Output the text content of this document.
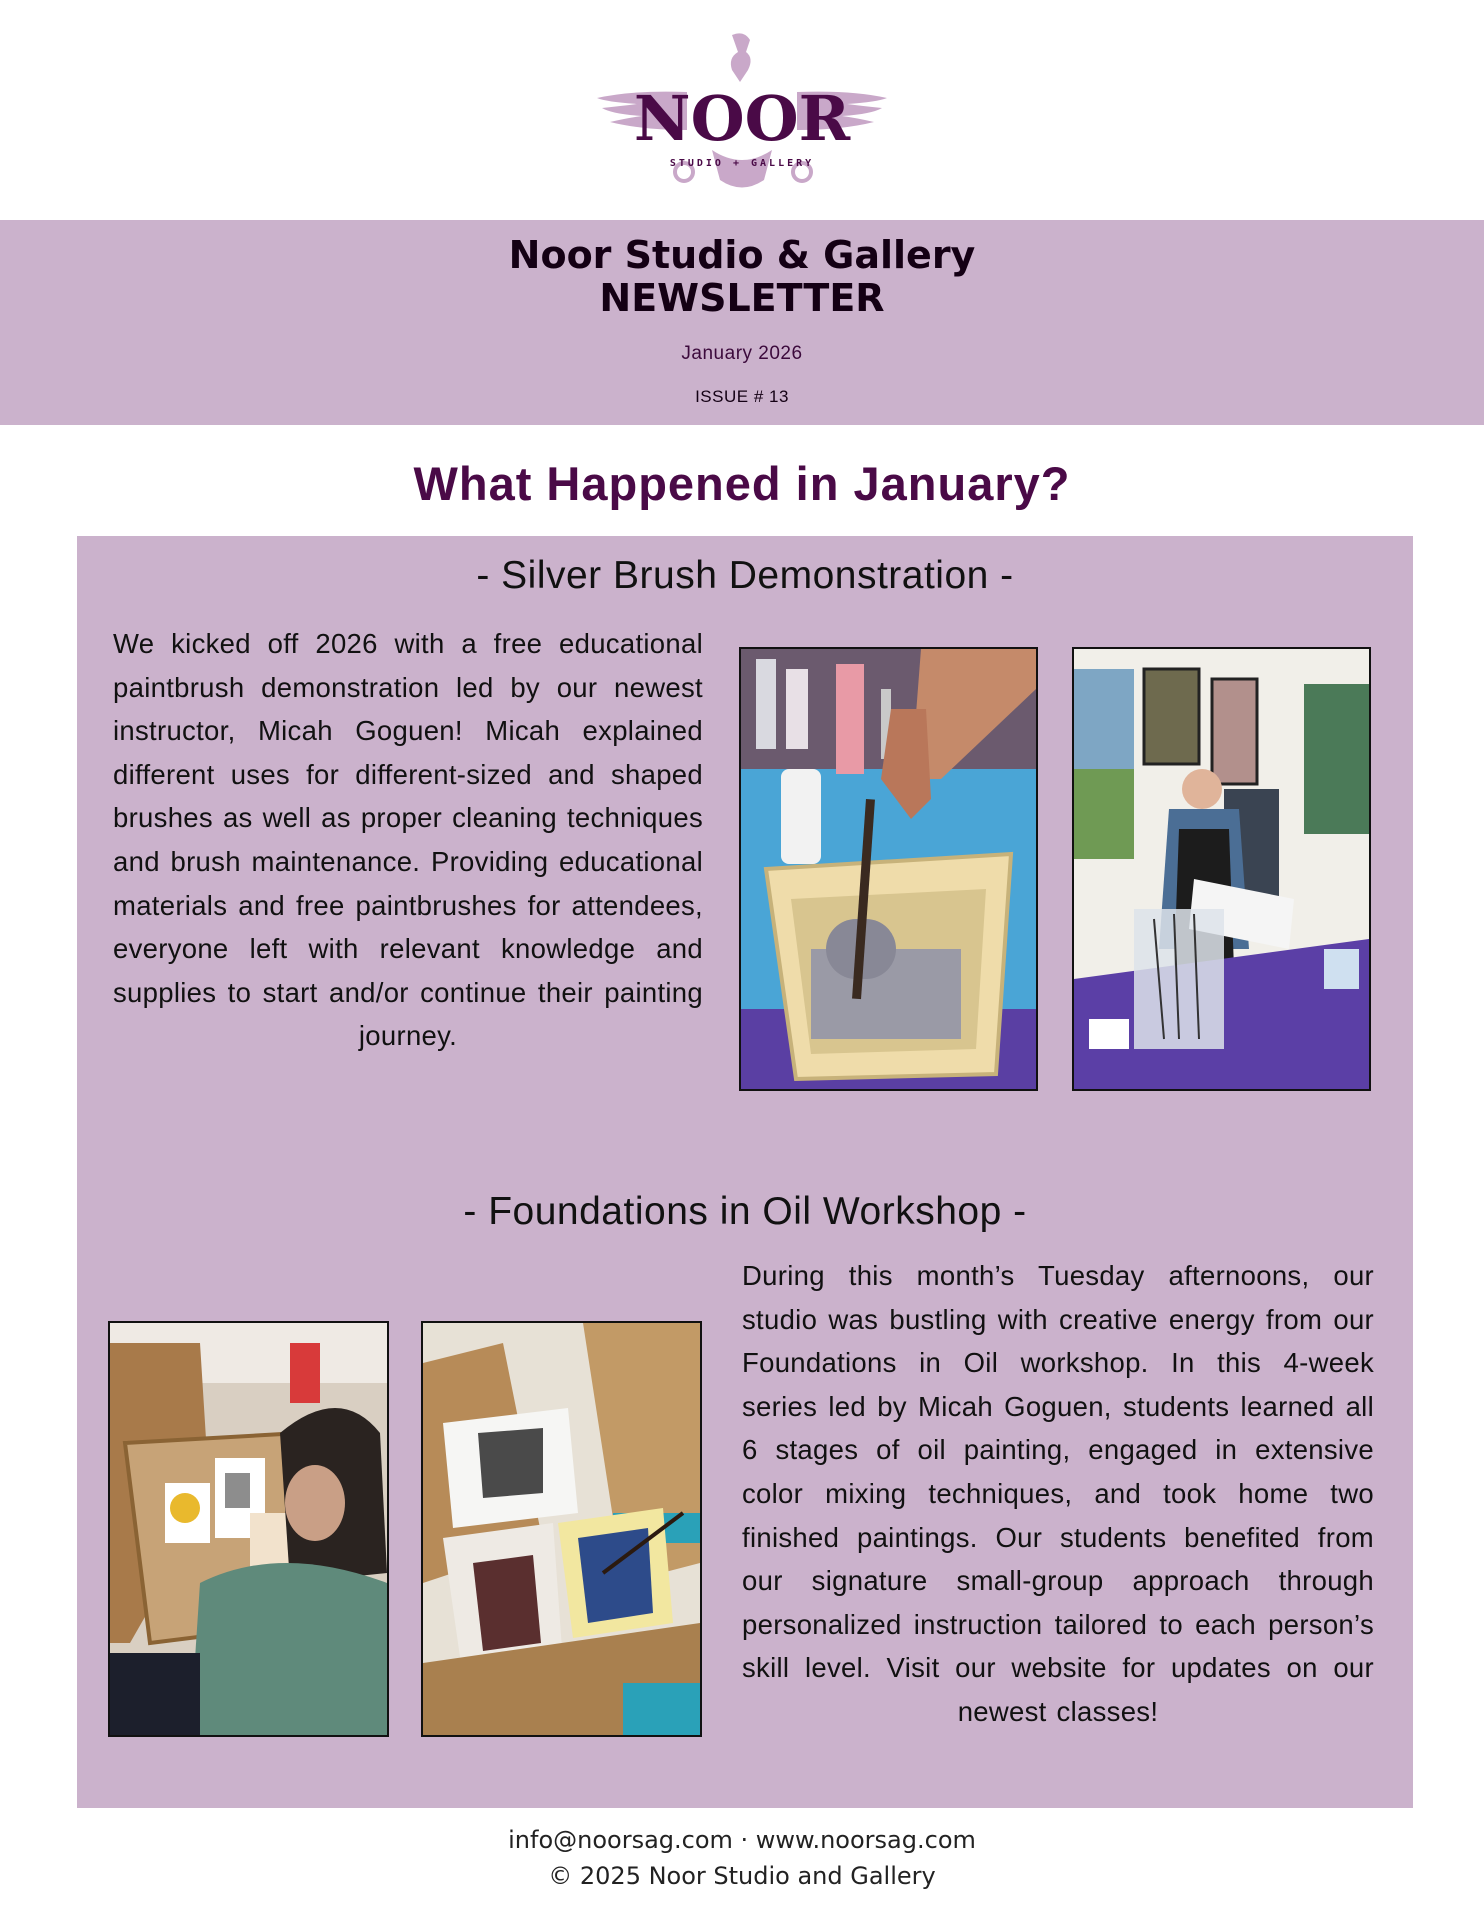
NOOR
STUDIO + GALLERY
Noor Studio & Gallery
NEWSLETTER
January 2026
ISSUE # 13
What Happened in January?
- Silver Brush Demonstration -
We kicked off 2026 with a free educational paintbrush demonstration led by our newest instructor, Micah Goguen! Micah explained different uses for different-sized and shaped brushes as well as proper cleaning techniques and brush maintenance. Providing educational materials and free paintbrushes for attendees, everyone left with relevant knowledge and supplies to start and/or continue their painting journey.
- Foundations in Oil Workshop -
During this month’s Tuesday afternoons, our studio was bustling with creative energy from our Foundations in Oil workshop. In this 4-week series led by Micah Goguen, students learned all 6 stages of oil painting, engaged in extensive color mixing techniques, and took home two finished paintings. Our students benefited from our signature small-group approach through personalized instruction tailored to each person’s skill level. Visit our website for updates on our newest classes!
info@noorsag.com · www.noorsag.com
© 2025 Noor Studio and Gallery
